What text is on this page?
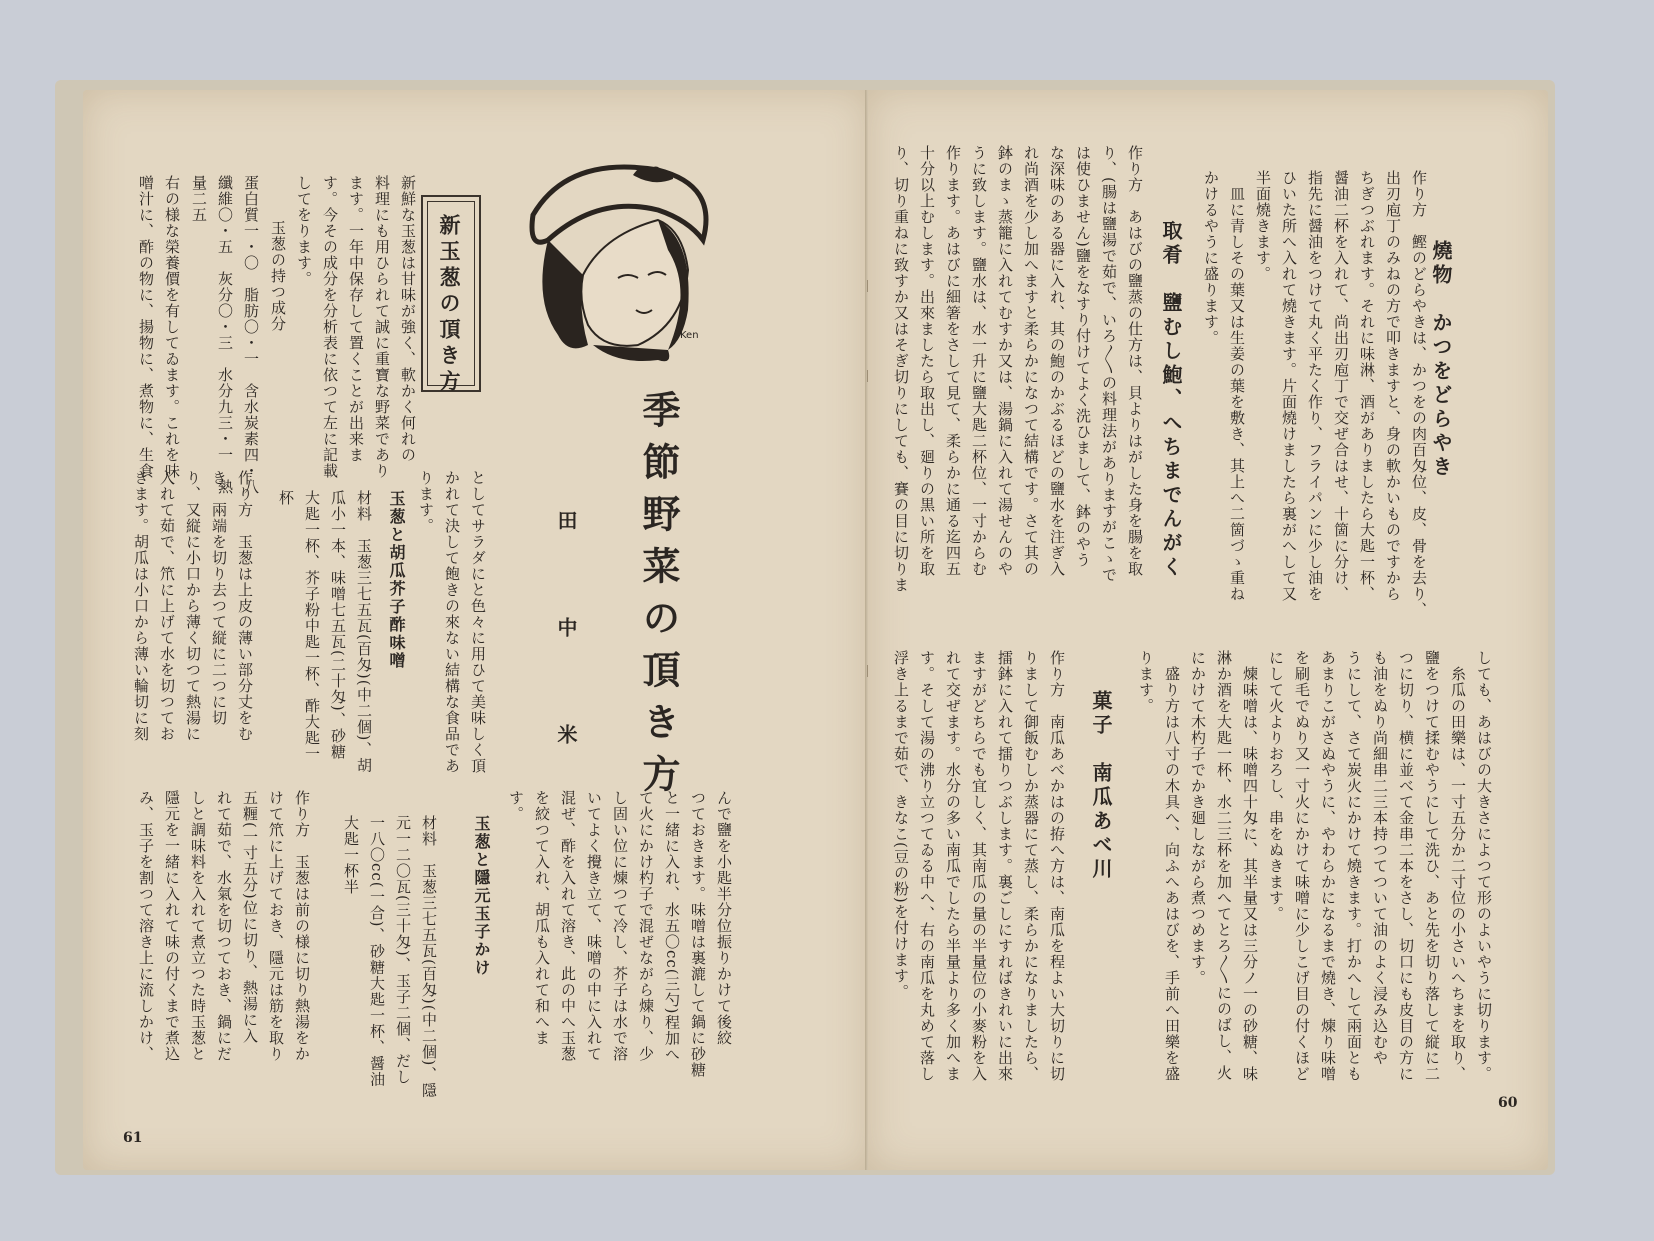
Ken
季節野菜の頂き方
田 中 米
新玉葱の頂き方
新鮮な玉葱は甘味が強く、軟かく何れの
料理にも用ひられて誠に重寶な野菜であり
ます。一年中保存して置くことが出来ま
す。今その成分を分析表に依つて左に記載
してをります。
玉葱の持つ成分
蛋白質一・〇　脂肪〇・一　含水炭素四・八
纖維〇・五　灰分〇・三　水分九三・一　熱
量二五
右の様な榮養價を有してゐます。これを味
噌汁に、酢の物に、揚物に、煮物に、生食
としてサラダにと色々に用ひて美味しく頂
かれて決して飽きの來ない結構な食品であ
ります。
玉葱と胡瓜芥子酢味噌
材料　玉葱三七五瓦(百匁)(中二個)、胡
瓜小一本、味噌七五瓦(二十匁)、砂糖
大匙一杯、芥子粉中匙一杯、酢大匙一
杯
作り方　玉葱は上皮の薄い部分丈をむ
き、兩端を切り去つて縦に二つに切
り、又縦に小口から薄く切つて熱湯に
入れて茹で、笊に上げて水を切つてお
きます。胡瓜は小口から薄い輪切に刻
んで鹽を小匙半分位振りかけて後絞
つておきます。味噌は裏漉して鍋に砂糖
と一緒に入れ、水五〇cc(三勺)程加へ
て火にかけ杓子で混ぜながら煉り、少
し固い位に煉つて冷し、芥子は水で溶
いてよく攪き立て、味噌の中に入れて
混ぜ、酢を入れて溶き、此の中へ玉葱
を絞つて入れ、胡瓜も入れて和へま
す。
玉葱と隱元玉子かけ
材料　玉葱三七五瓦(百匁)(中二個)、隱
元一二〇瓦(三十匁)、玉子二個、だし
一八〇cc(一合)、砂糖大匙一杯、醤油
大匙一杯半
作り方　玉葱は前の様に切り熱湯をか
けて笊に上げておき、隱元は筋を取り
五糎(一寸五分)位に切り、熱湯に入
れて茹で、水氣を切つておき、鍋にだ
しと調味料を入れて煮立つた時玉葱と
隱元を一緒に入れて味の付くまで煮込
み、玉子を割つて溶き上に流しかけ、
61
燒物　かつをどらやき
作り方　鰹のどらやきは、かつをの肉百匁位、皮、骨を去り、
出刃庖丁のみねの方で叩きますと、身の軟かいものですから
ちぎつぶれます。それに味淋、酒がありましたら大匙一杯、
醤油二杯を入れて、尚出刃庖丁で交ぜ合はせ、十箇に分け、
指先に醤油をつけて丸く平たく作り、フライパンに少し油を
ひいた所へ入れて燒きます。片面燒けましたら裏がへして又
半面燒きます。
　皿に青しその葉又は生姜の葉を敷き、其上へ二箇づゝ重ね
かけるやうに盛ります。
取肴　鹽むし鮑、へちまでんがく
作り方　あはびの鹽蒸の仕方は、貝よりはがした身を腸を取
り、(腸は鹽湯で茹で、いろ〳〵の料理法がありますがこゝで
は使ひません)鹽をなすり付けてよく洗ひまして、鉢のやう
な深味のある器に入れ、其の鮑のかぶるほどの鹽水を注ぎ入
れ尚酒を少し加へますと柔らかになつて結構です。さて其の
鉢のまゝ蒸籠に入れてむすか又は、湯鍋に入れて湯せんのや
うに致します。鹽水は、水一升に鹽大匙二杯位、一寸からむ
作ります。あはびに細箸をさして見て、柔らかに通る迄四五
十分以上むします。出來ましたら取出し、廻りの黒い所を取
り、切り重ねに致すか又はそぎ切りにしても、賽の目に切りま
しても、あはびの大きさによつて形のよいやうに切ります。
　糸瓜の田樂は、一寸五分か二寸位の小さいへちまを取り、
鹽をつけて揉むやうにして洗ひ、あと先を切り落して縦に二
つに切り、横に並べて金串二本をさし、切口にも皮目の方に
も油をぬり尚細串二三本持つてついて油のよく浸み込むや
うにして、さて炭火にかけて燒きます。打かへして兩面とも
あまりこがさぬやうに、やわらかになるまで燒き、煉り味噌
を刷毛でぬり又一寸火にかけて味噌に少しこげ目の付くほど
にして火よりおろし、串をぬきます。
　煉味噌は、味噌四十匁に、其半量又は三分ノ一の砂糖、味
淋か酒を大匙一杯、水二三杯を加へてとろ〳〵にのばし、火
にかけて木杓子でかき廻しながら煮つめます。
　盛り方は八寸の木具へ、向ふへあはびを、手前へ田樂を盛
ります。
菓子　南瓜あべ川
作り方　南瓜あべかはの拵へ方は、南瓜を程よい大切りに切
りまして御飯むしか蒸器にて蒸し、柔らかになりましたら、
擂鉢に入れて擂りつぶします。裏ごしにすればきれいに出來
ますがどちらでも宜しく、其南瓜の量の半量位の小麥粉を入
れて交ぜます。水分の多い南瓜でしたら半量より多く加へま
す。そして湯の沸り立つてゐる中へ、右の南瓜を丸めて落し
浮き上るまで茹で、きなこ(豆の粉)を付けます。
60
